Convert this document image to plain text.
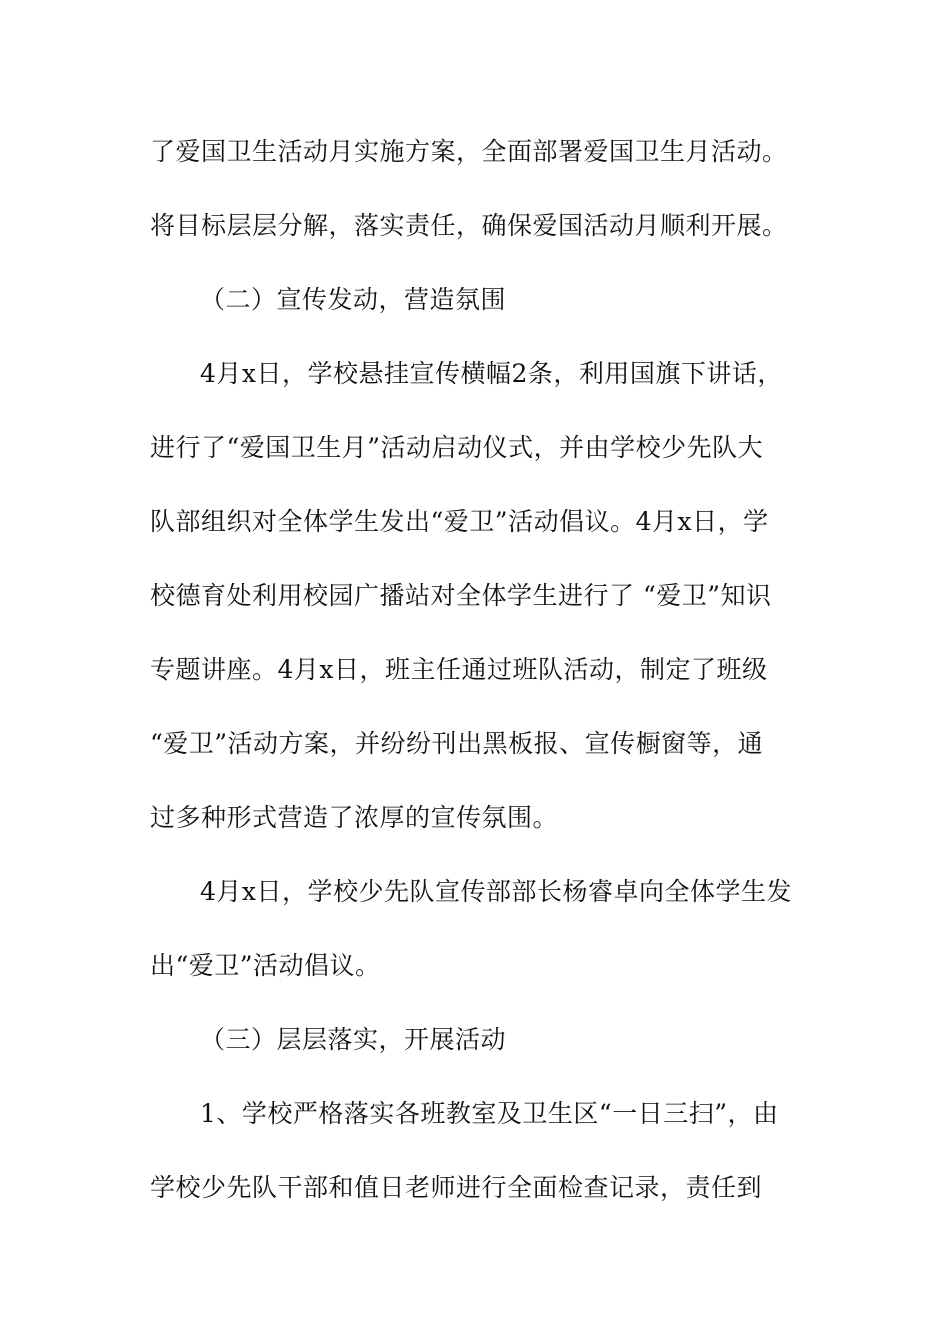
了爱国卫生活动月实施方案，全面部署爱国卫生月活动。
将目标层层分解，落实责任，确保爱国活动月顺利开展。
（二）宣传发动，营造氛围
4月x日，学校悬挂宣传横幅2条，利用国旗下讲话，
进行了“爱国卫生月”活动启动仪式，并由学校少先队大
队部组织对全体学生发出“爱卫”活动倡议。4月x日，学
校德育处利用校园广播站对全体学生进行了 “爱卫”知识
专题讲座。4月x日，班主任通过班队活动，制定了班级
“爱卫”活动方案，并纷纷刊出黑板报、宣传橱窗等，通
过多种形式营造了浓厚的宣传氛围。
4月x日，学校少先队宣传部部长杨睿卓向全体学生发
出“爱卫”活动倡议。
（三）层层落实，开展活动
1、学校严格落实各班教室及卫生区“一日三扫”，由
学校少先队干部和值日老师进行全面检查记录，责任到
